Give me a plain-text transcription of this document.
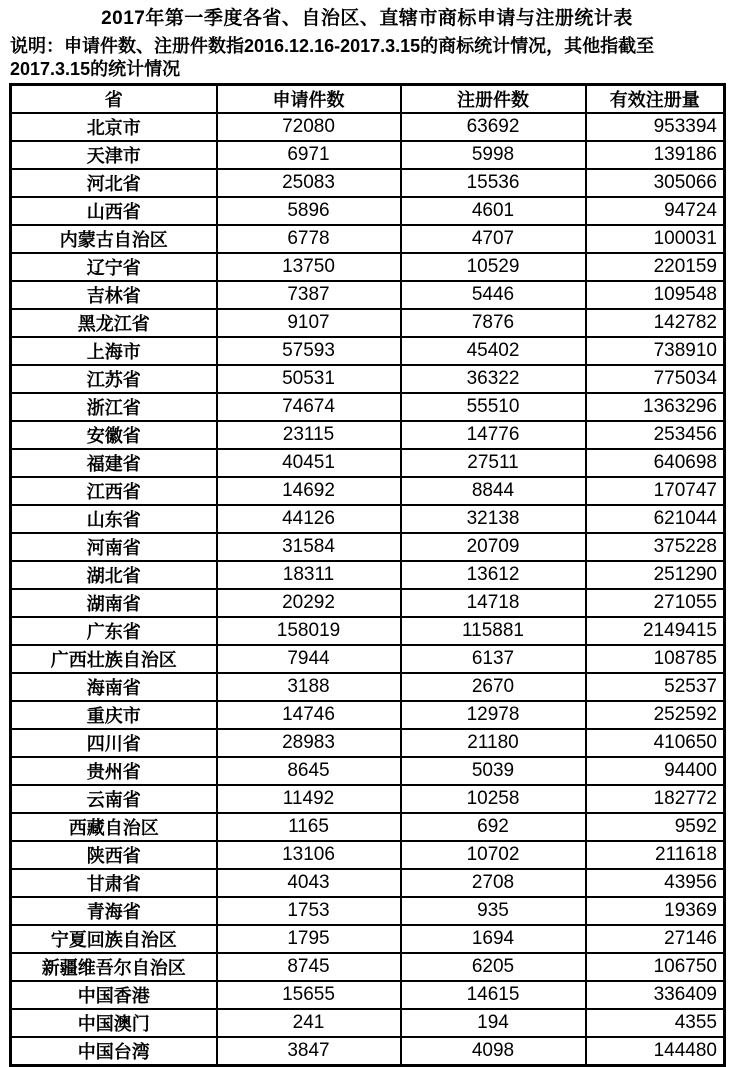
2017年第一季度各省、自治区、直辖市商标申请与注册统计表
说明：申请件数、注册件数指2016.12.16-2017.3.15的商标统计情况，其他指截至2017.3.15的统计情况
省	申请件数	注册件数	有效注册量
北京市	72080	63692	953394
天津市	6971	5998	139186
河北省	25083	15536	305066
山西省	5896	4601	94724
内蒙古自治区	6778	4707	100031
辽宁省	13750	10529	220159
吉林省	7387	5446	109548
黑龙江省	9107	7876	142782
上海市	57593	45402	738910
江苏省	50531	36322	775034
浙江省	74674	55510	1363296
安徽省	23115	14776	253456
福建省	40451	27511	640698
江西省	14692	8844	170747
山东省	44126	32138	621044
河南省	31584	20709	375228
湖北省	18311	13612	251290
湖南省	20292	14718	271055
广东省	158019	115881	2149415
广西壮族自治区	7944	6137	108785
海南省	3188	2670	52537
重庆市	14746	12978	252592
四川省	28983	21180	410650
贵州省	8645	5039	94400
云南省	11492	10258	182772
西藏自治区	1165	692	9592
陕西省	13106	10702	211618
甘肃省	4043	2708	43956
青海省	1753	935	19369
宁夏回族自治区	1795	1694	27146
新疆维吾尔自治区	8745	6205	106750
中国香港	15655	14615	336409
中国澳门	241	194	4355
中国台湾	3847	4098	144480
